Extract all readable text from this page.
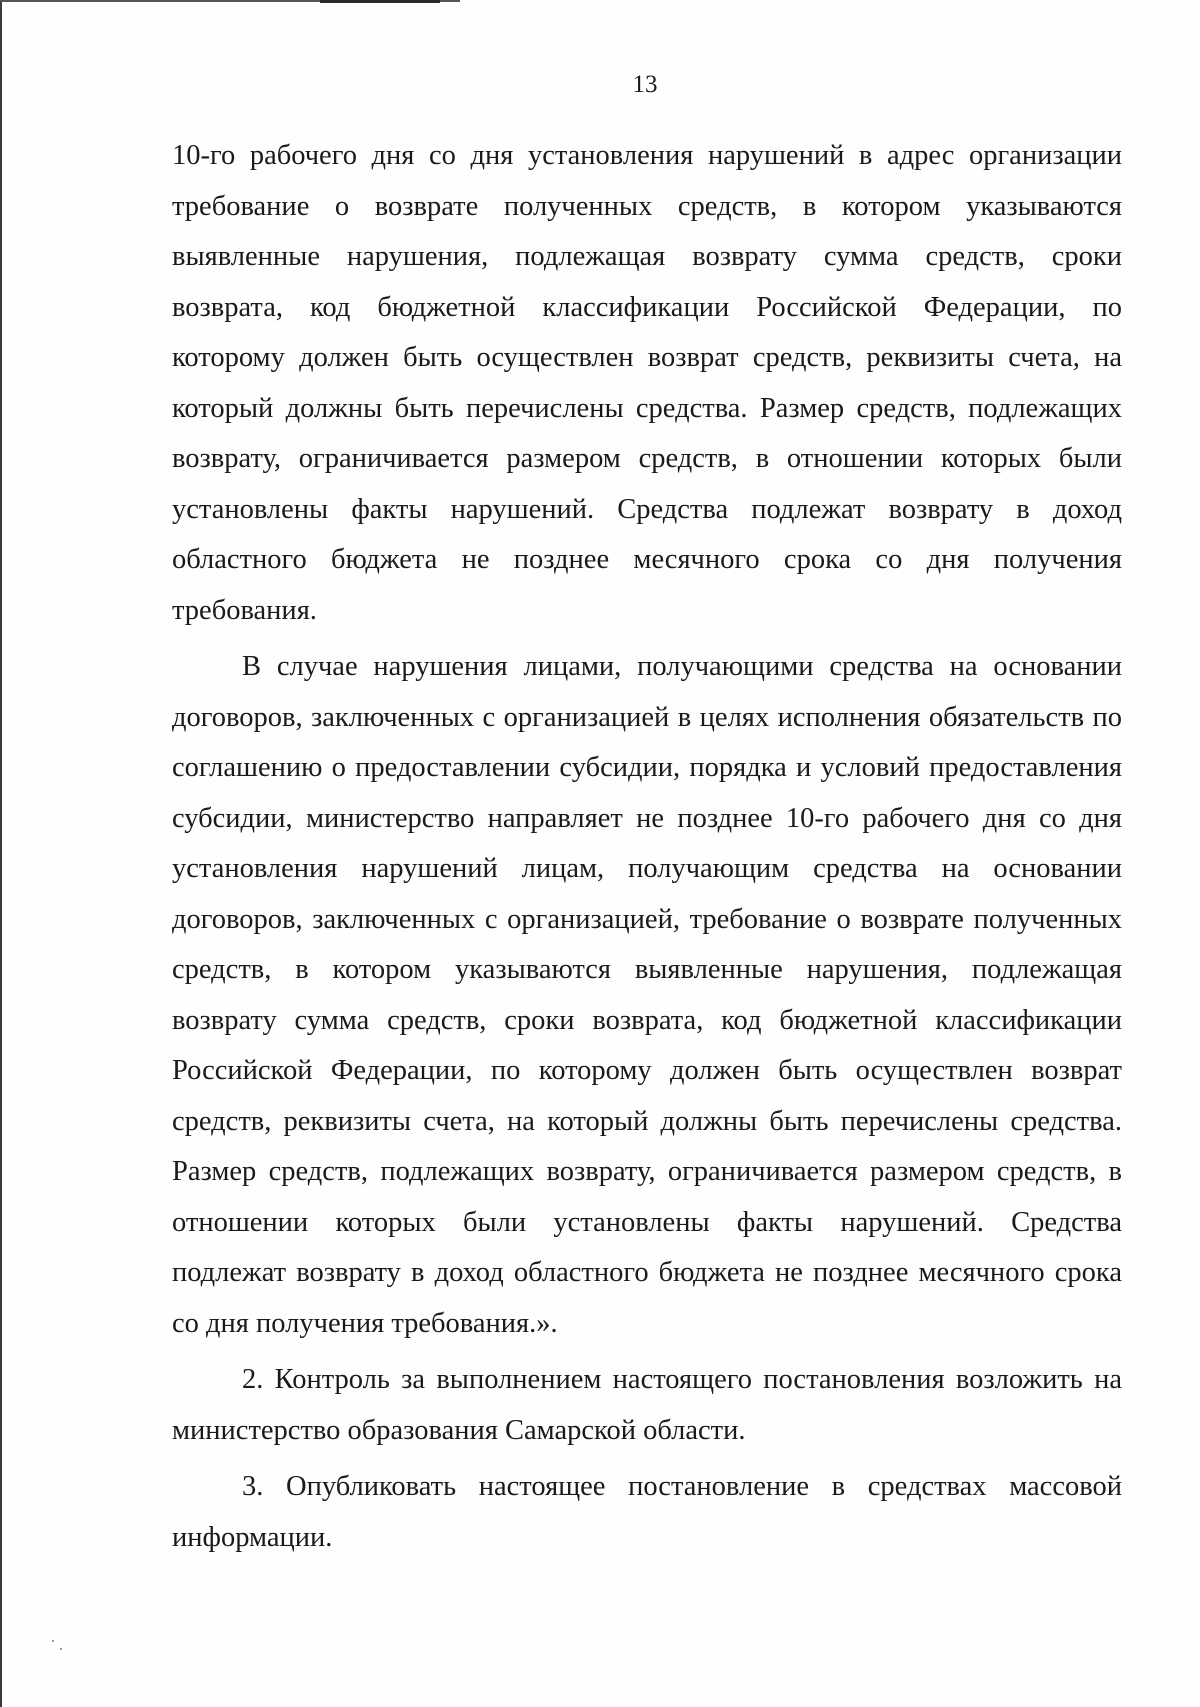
13
10-го рабочего дня со дня установления нарушений в адрес организации
требование о возврате полученных средств, в котором указываются
выявленные нарушения, подлежащая возврату сумма средств, сроки
возврата, код бюджетной классификации Российской Федерации, по
которому должен быть осуществлен возврат средств, реквизиты счета, на
который должны быть перечислены средства. Размер средств, подлежащих
возврату, ограничивается размером средств, в отношении которых были
установлены факты нарушений. Средства подлежат возврату в доход
областного бюджета не позднее месячного срока со дня получения
требования.
В случае нарушения лицами, получающими средства на основании
договоров, заключенных с организацией в целях исполнения обязательств по
соглашению о предоставлении субсидии, порядка и условий предоставления
субсидии, министерство направляет не позднее 10-го рабочего дня со дня
установления нарушений лицам, получающим средства на основании
договоров, заключенных с организацией, требование о возврате полученных
средств, в котором указываются выявленные нарушения, подлежащая
возврату сумма средств, сроки возврата, код бюджетной классификации
Российской Федерации, по которому должен быть осуществлен возврат
средств, реквизиты счета, на который должны быть перечислены средства.
Размер средств, подлежащих возврату, ограничивается размером средств, в
отношении которых были установлены факты нарушений. Средства
подлежат возврату в доход областного бюджета не позднее месячного срока
со дня получения требования.».
2. Контроль за выполнением настоящего постановления возложить на
министерство образования Самарской области.
3. Опубликовать настоящее постановление в средствах массовой
информации.
